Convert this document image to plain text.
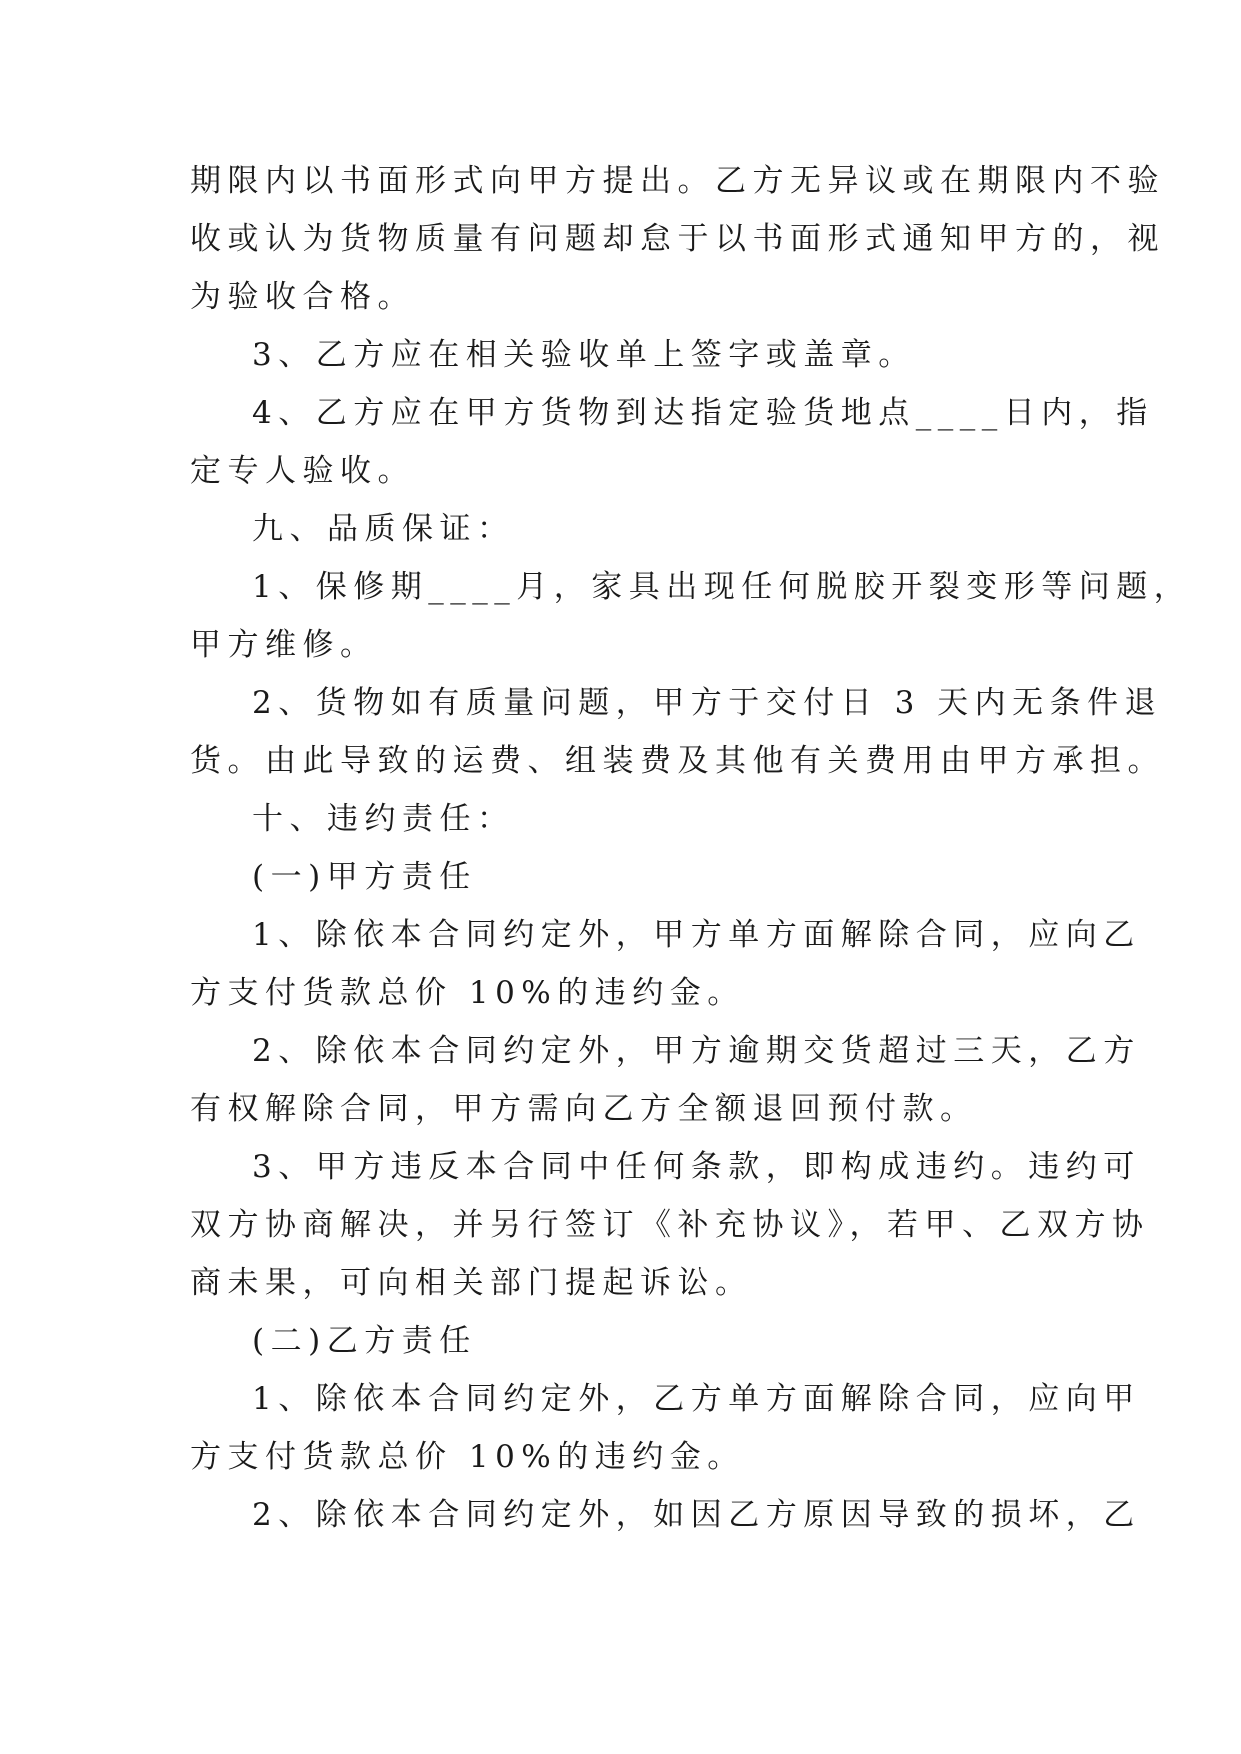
期限内以书面形式向甲方提出。乙方无异议或在期限内不验
收或认为货物质量有问题却怠于以书面形式通知甲方的，视
为验收合格。

3、乙方应在相关验收单上签字或盖章。

4、乙方应在甲方货物到达指定验货地点____日内，指
定专人验收。

九、品质保证：

1、保修期____月，家具出现任何脱胶开裂变形等问题，
甲方维修。

2、货物如有质量问题，甲方于交付日 3 天内无条件退
货。由此导致的运费、组装费及其他有关费用由甲方承担。

十、违约责任：

(一)甲方责任

1、除依本合同约定外，甲方单方面解除合同，应向乙
方支付货款总价 10%的违约金。

2、除依本合同约定外，甲方逾期交货超过三天，乙方
有权解除合同，甲方需向乙方全额退回预付款。

3、甲方违反本合同中任何条款，即构成违约。违约可
双方协商解决，并另行签订《补充协议》，若甲、乙双方协
商未果，可向相关部门提起诉讼。

(二)乙方责任

1、除依本合同约定外，乙方单方面解除合同，应向甲
方支付货款总价 10%的违约金。

2、除依本合同约定外，如因乙方原因导致的损坏，乙
